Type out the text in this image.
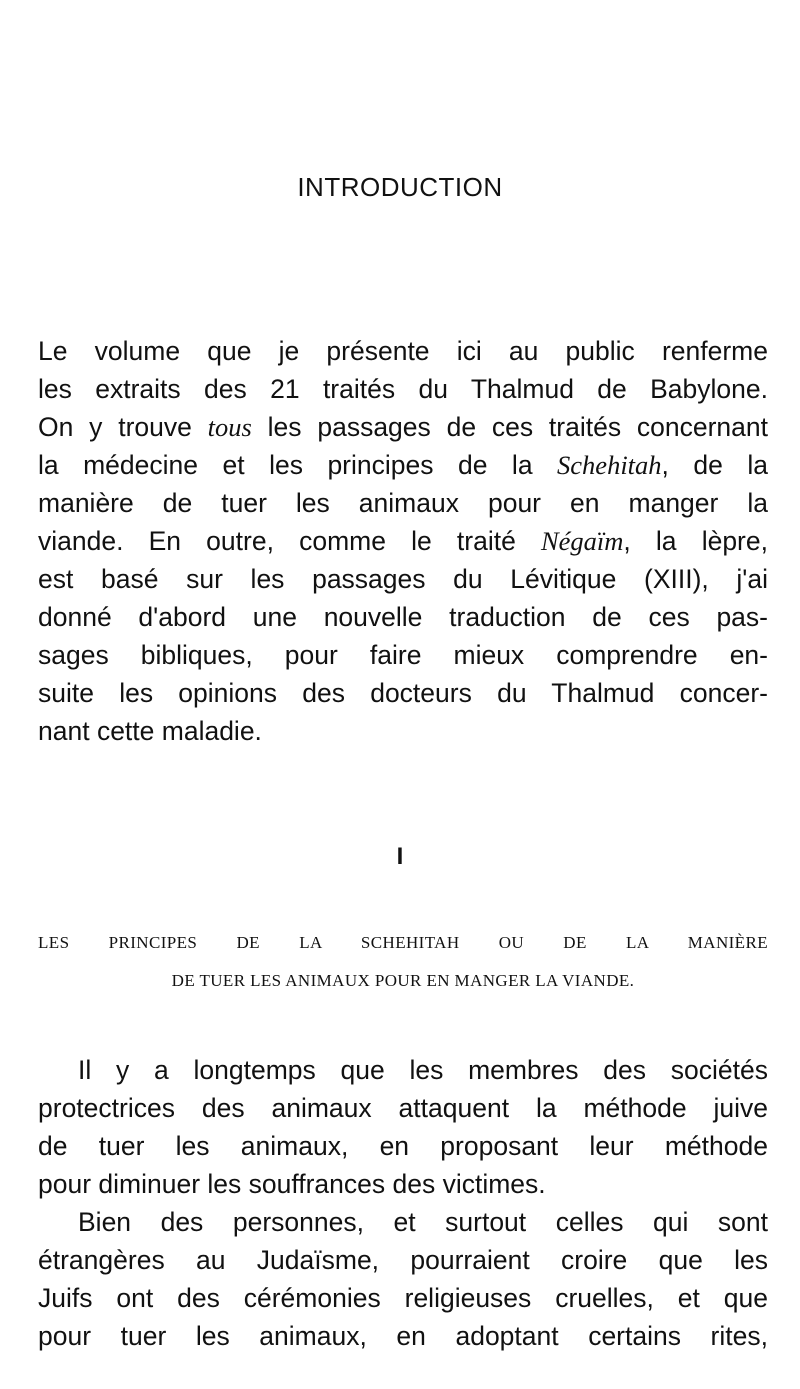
INTRODUCTION
Le volume que je présente ici au public renferme
les extraits des 21 traités du Thalmud de Babylone.
On y trouve tous les passages de ces traités concernant
la médecine et les principes de la Schehitah, de la
manière de tuer les animaux pour en manger la
viande. En outre, comme le traité Négaïm, la lèpre,
est basé sur les passages du Lévitique (XIII), j'ai
donné d'abord une nouvelle traduction de ces pas-
sages bibliques, pour faire mieux comprendre en-
suite les opinions des docteurs du Thalmud concer-
nant cette maladie.
I
LES PRINCIPES DE LA SCHEHITAH OU DE LA MANIÈRE
DE TUER LES ANIMAUX POUR EN MANGER LA VIANDE.
Il y a longtemps que les membres des sociétés
protectrices des animaux attaquent la méthode juive
de tuer les animaux, en proposant leur méthode
pour diminuer les souffrances des victimes.
Bien des personnes, et surtout celles qui sont
étrangères au Judaïsme, pourraient croire que les
Juifs ont des cérémonies religieuses cruelles, et que
pour tuer les animaux, en adoptant certains rites,
